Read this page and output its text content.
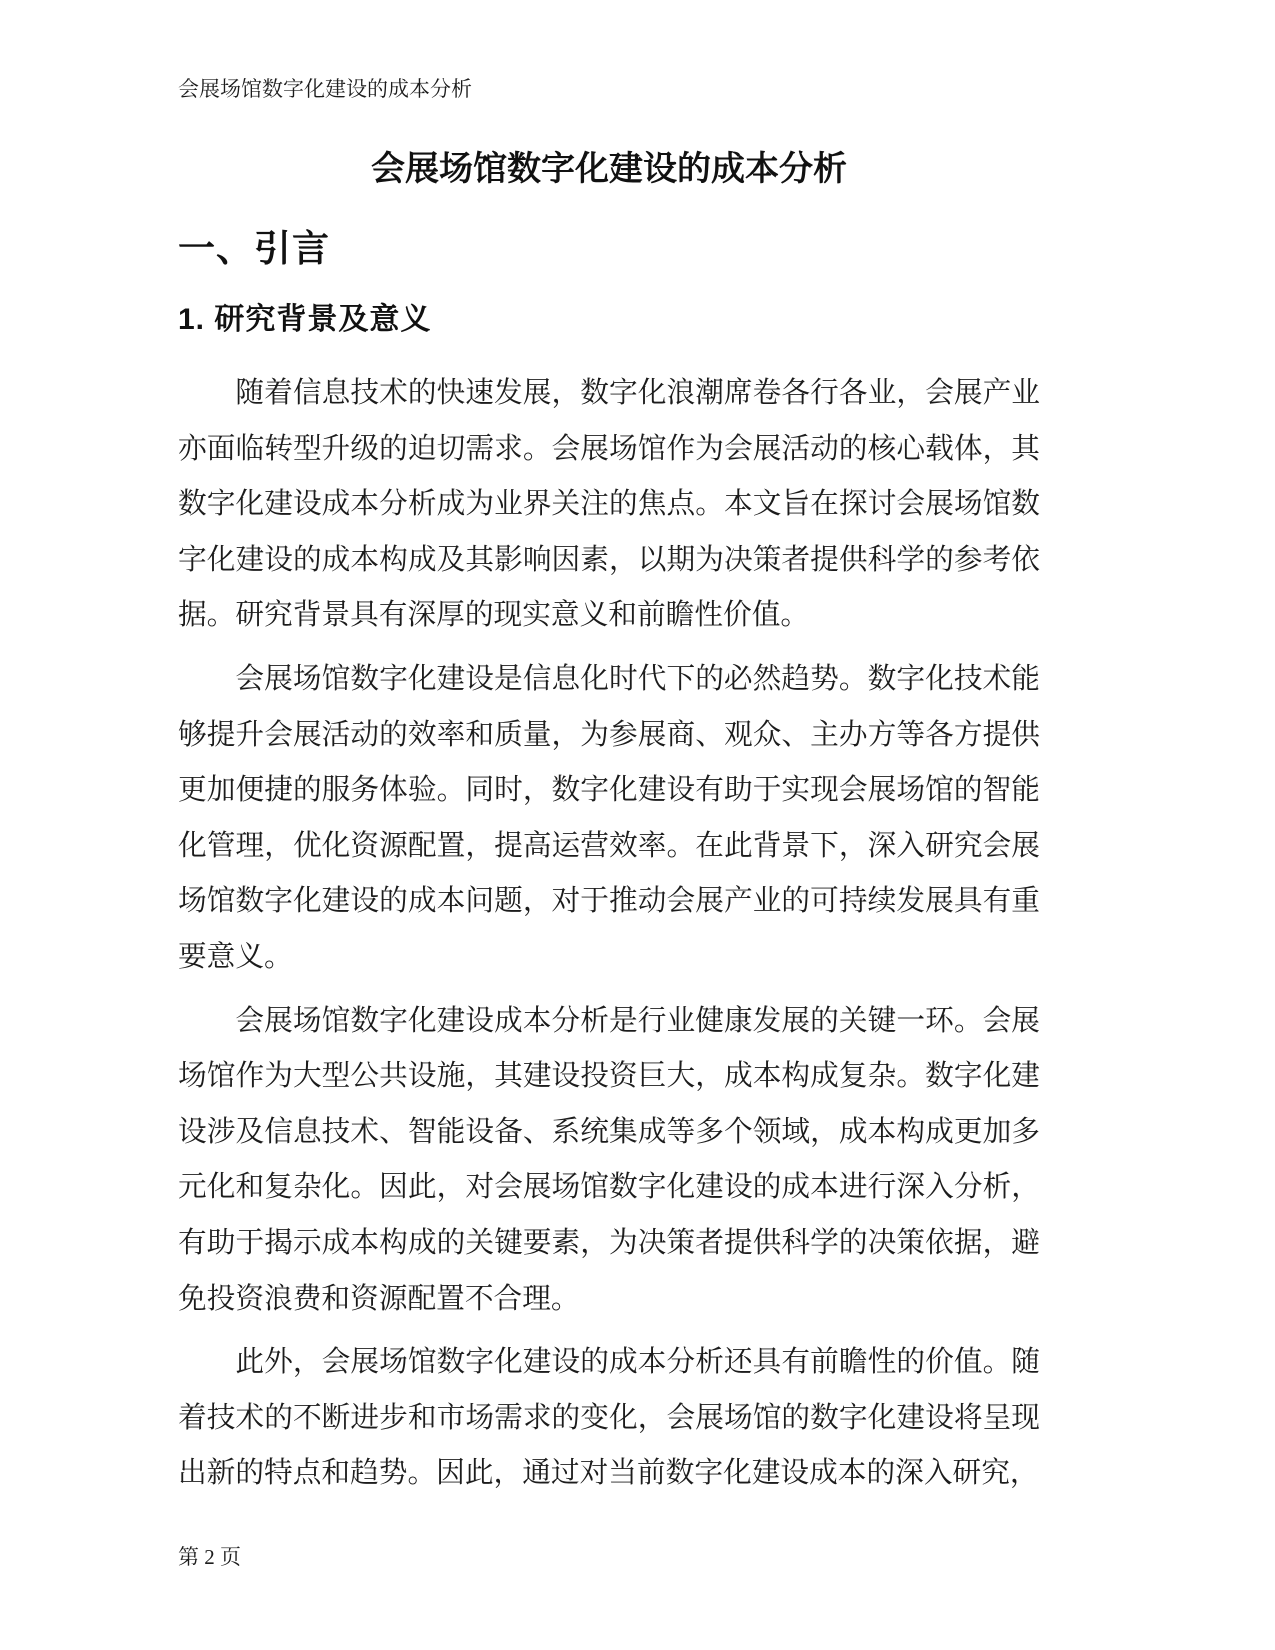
会展场馆数字化建设的成本分析
会展场馆数字化建设的成本分析
一、引言
1. 研究背景及意义

随着信息技术的快速发展，数字化浪潮席卷各行各业，会展产业亦面临转型升级的迫切需求。会展场馆作为会展活动的核心载体，其数字化建设成本分析成为业界关注的焦点。本文旨在探讨会展场馆数字化建设的成本构成及其影响因素，以期为决策者提供科学的参考依据。研究背景具有深厚的现实意义和前瞻性价值。

会展场馆数字化建设是信息化时代下的必然趋势。数字化技术能够提升会展活动的效率和质量，为参展商、观众、主办方等各方提供更加便捷的服务体验。同时，数字化建设有助于实现会展场馆的智能化管理，优化资源配置，提高运营效率。在此背景下，深入研究会展场馆数字化建设的成本问题，对于推动会展产业的可持续发展具有重要意义。

会展场馆数字化建设成本分析是行业健康发展的关键一环。会展场馆作为大型公共设施，其建设投资巨大，成本构成复杂。数字化建设涉及信息技术、智能设备、系统集成等多个领域，成本构成更加多元化和复杂化。因此，对会展场馆数字化建设的成本进行深入分析，有助于揭示成本构成的关键要素，为决策者提供科学的决策依据，避免投资浪费和资源配置不合理。

此外，会展场馆数字化建设的成本分析还具有前瞻性的价值。随着技术的不断进步和市场需求的变化，会展场馆的数字化建设将呈现出新的特点和趋势。因此，通过对当前数字化建设成本的深入研究，

第 2 页
